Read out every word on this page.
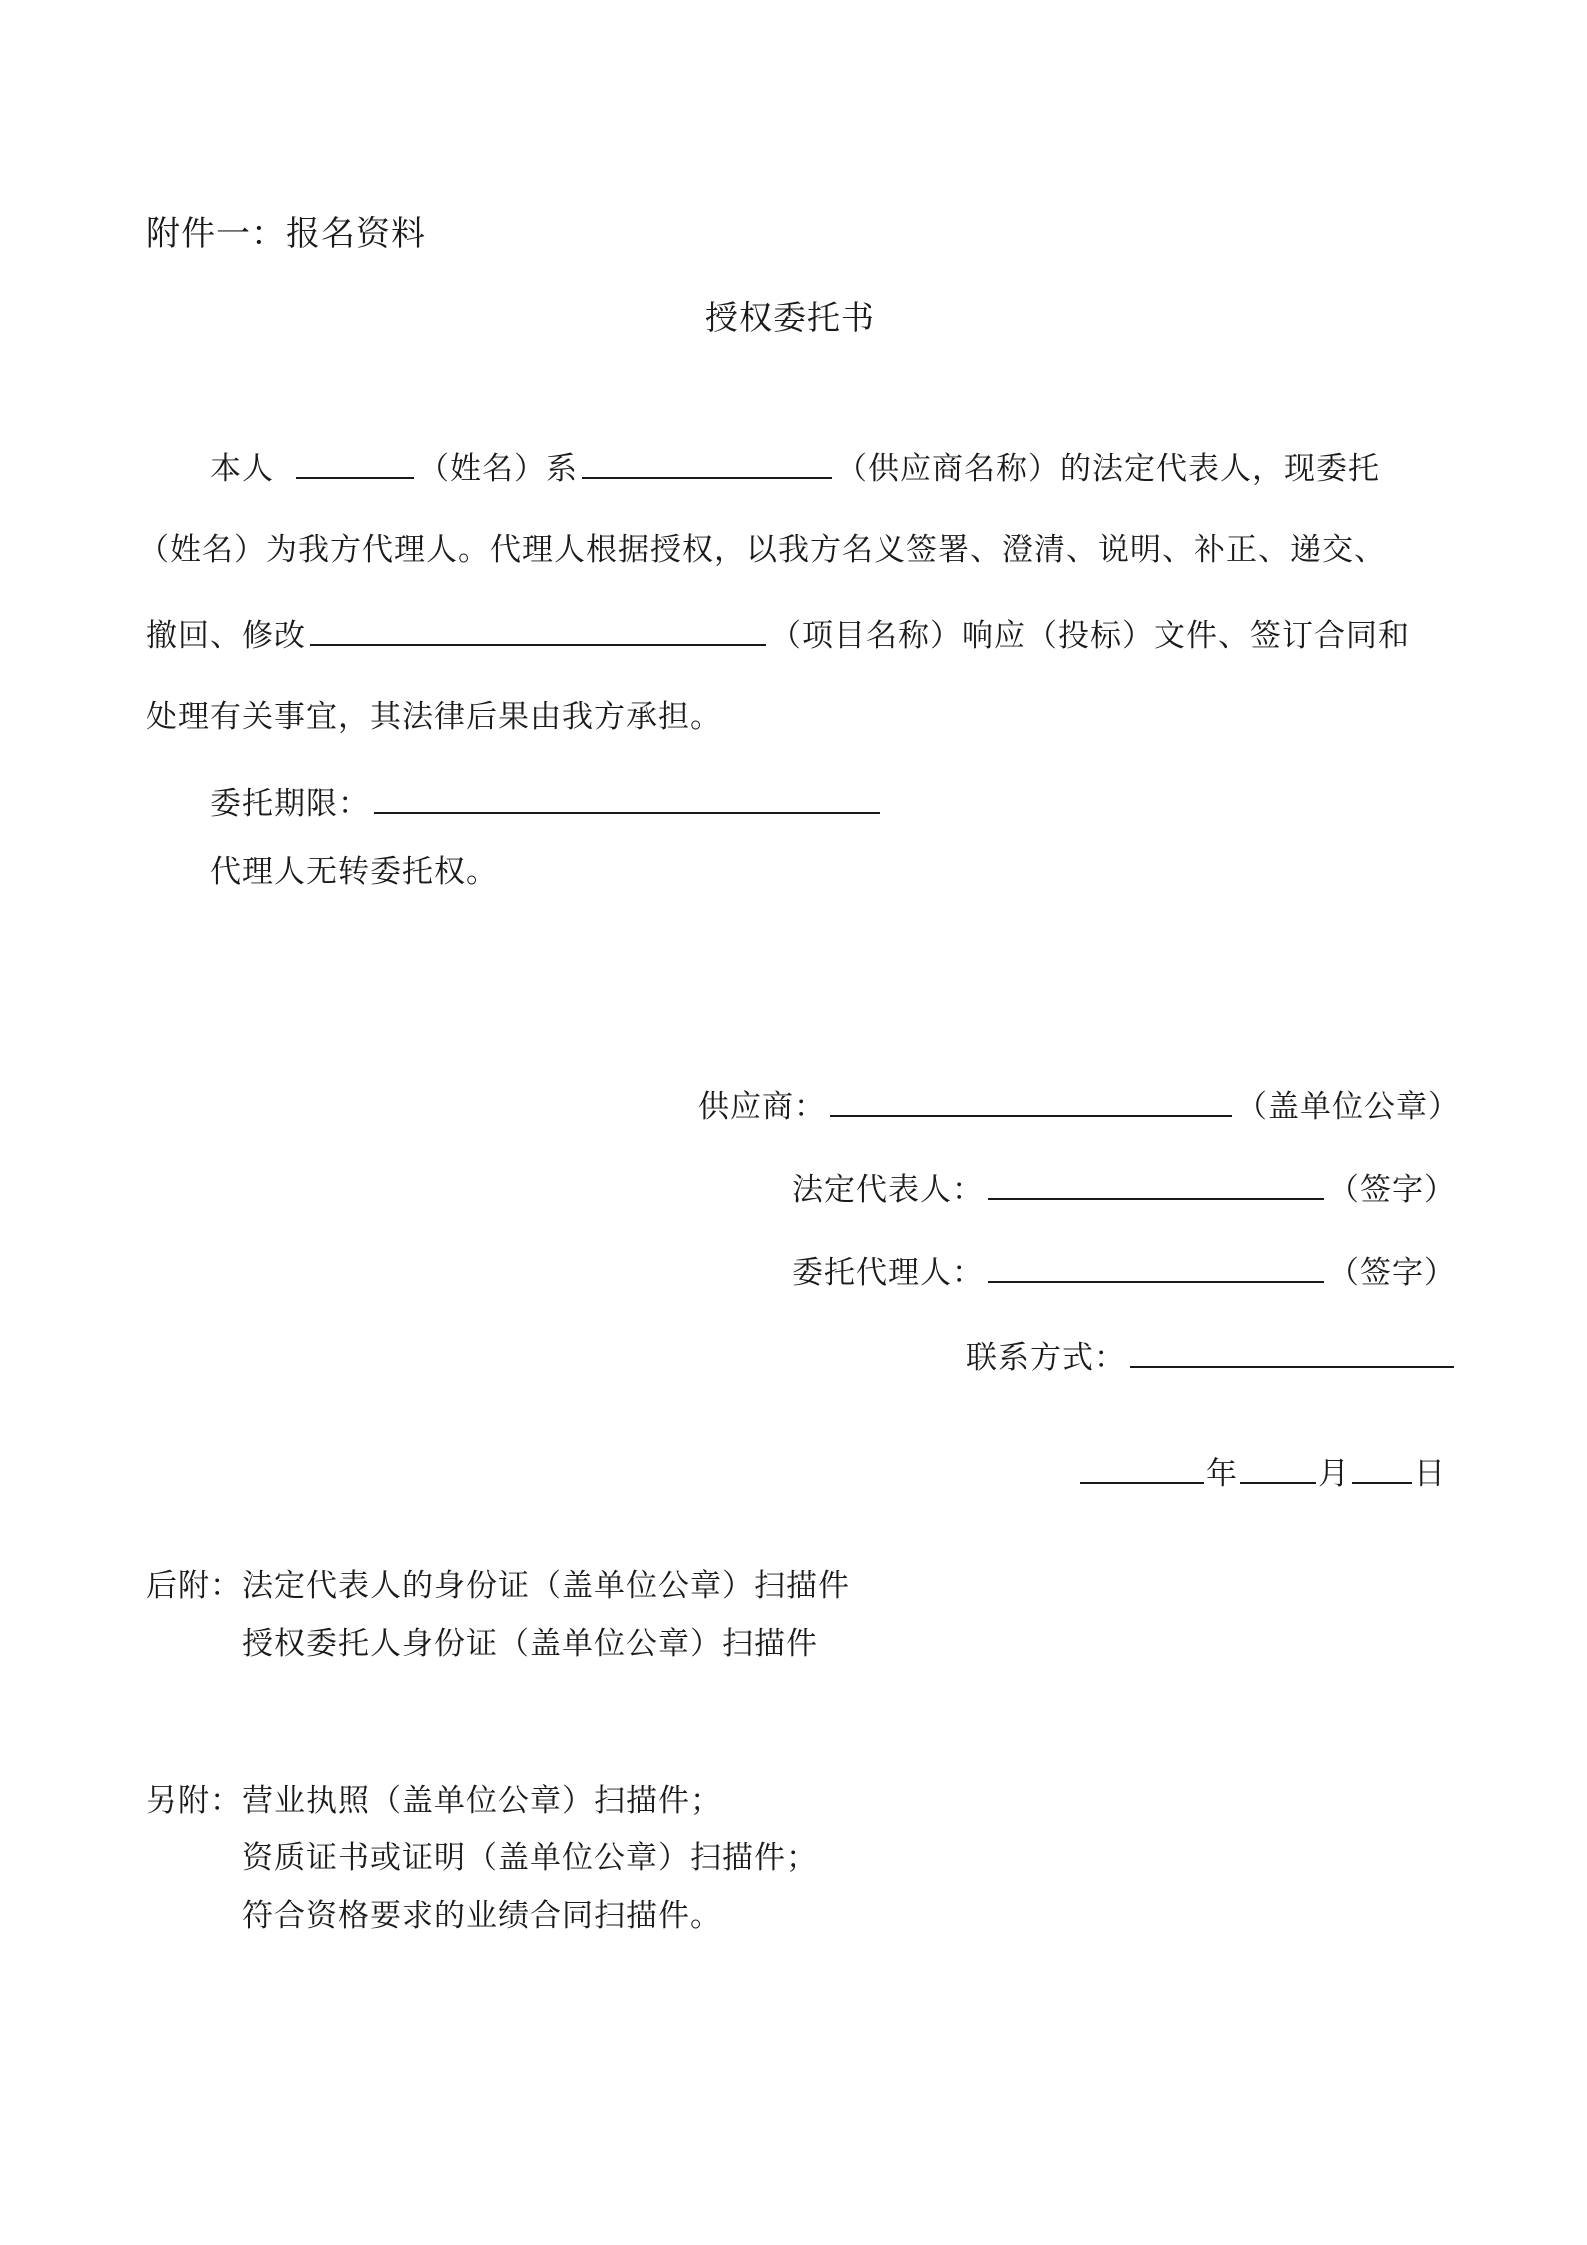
附件一：报名资料
授权委托书
本人	（姓名）系	（供应商名称）的法定代表人，现委托
（姓名）为我方代理人。代理人根据授权，以我方名义签署、澄清、说明、补正、递交、
撤回、修改	（项目名称）响应（投标）文件、签订合同和
处理有关事宜，其法律后果由我方承担。
委托期限：
代理人无转委托权。
供应商：	（盖单位公章）
法定代表人：	（签字）
委托代理人：	（签字）
联系方式：
年	月 日
后附：法定代表人的身份证（盖单位公章）扫描件
授权委托人身份证（盖单位公章）扫描件
另附：营业执照（盖单位公章）扫描件；
资质证书或证明（盖单位公章）扫描件；
符合资格要求的业绩合同扫描件。
